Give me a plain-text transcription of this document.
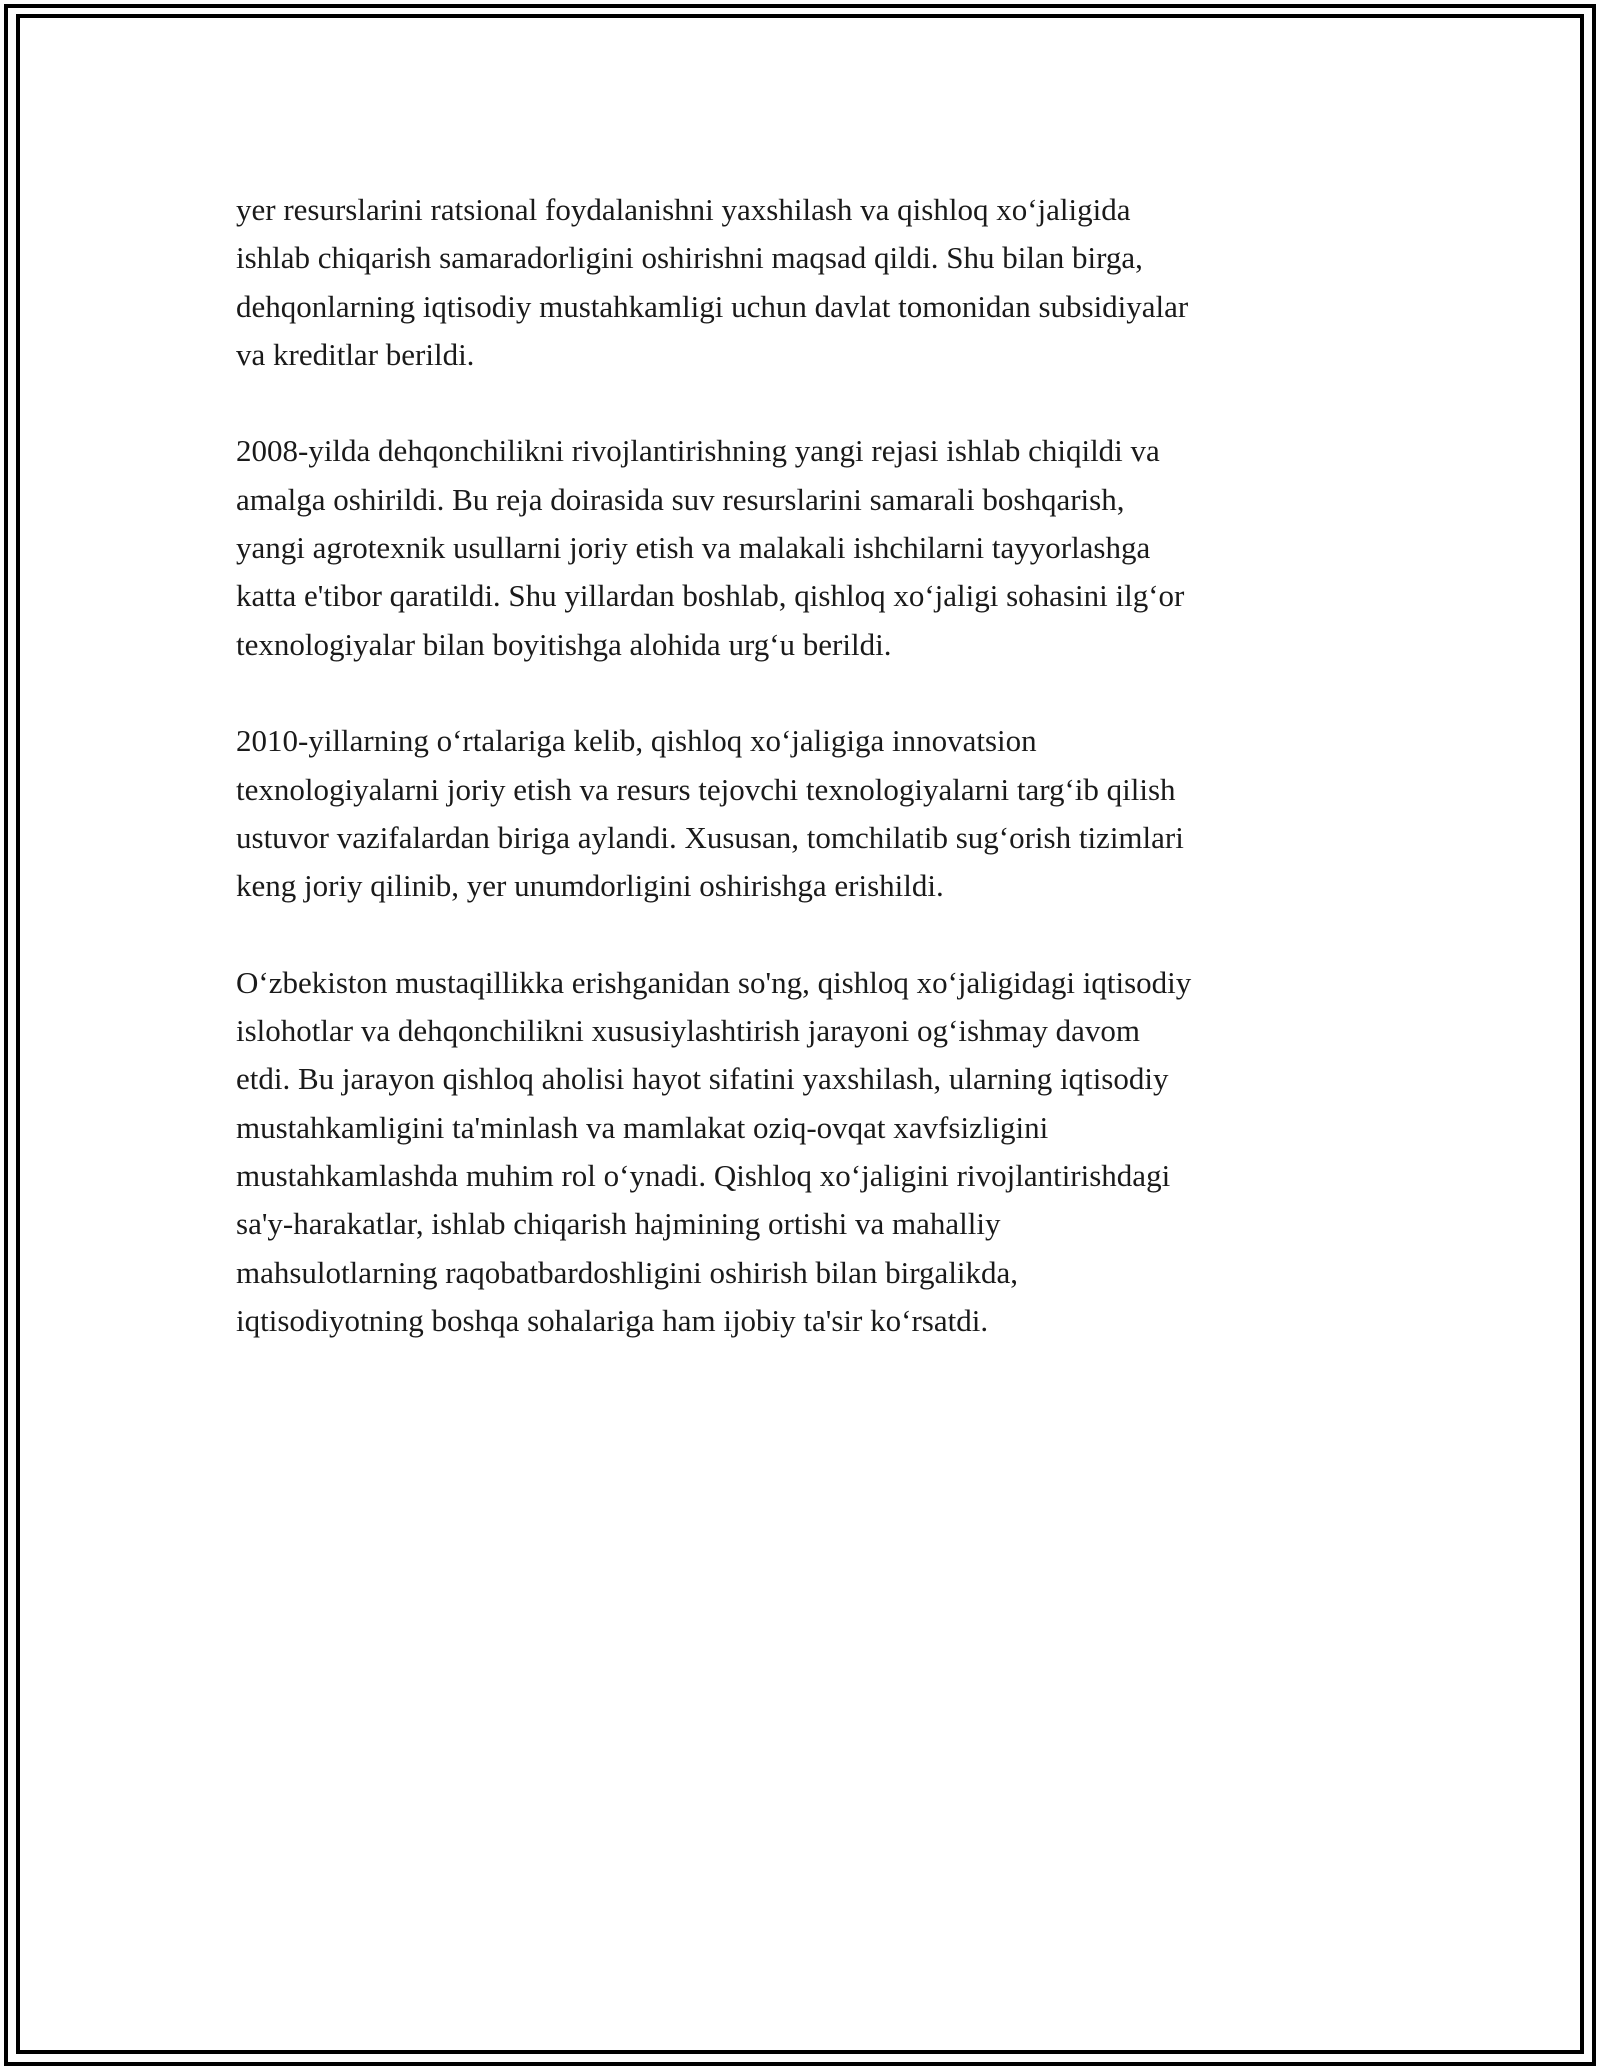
yer resurslarini ratsional foydalanishni yaxshilash va qishloq xo‘jaligida
ishlab chiqarish samaradorligini oshirishni maqsad qildi. Shu bilan birga,
dehqonlarning iqtisodiy mustahkamligi uchun davlat tomonidan subsidiyalar
va kreditlar berildi.

2008-yilda dehqonchilikni rivojlantirishning yangi rejasi ishlab chiqildi va
amalga oshirildi. Bu reja doirasida suv resurslarini samarali boshqarish,
yangi agrotexnik usullarni joriy etish va malakali ishchilarni tayyorlashga
katta e'tibor qaratildi. Shu yillardan boshlab, qishloq xo‘jaligi sohasini ilg‘or
texnologiyalar bilan boyitishga alohida urg‘u berildi.

2010-yillarning o‘rtalariga kelib, qishloq xo‘jaligiga innovatsion
texnologiyalarni joriy etish va resurs tejovchi texnologiyalarni targ‘ib qilish
ustuvor vazifalardan biriga aylandi. Xususan, tomchilatib sug‘orish tizimlari
keng joriy qilinib, yer unumdorligini oshirishga erishildi.

O‘zbekiston mustaqillikka erishganidan so'ng, qishloq xo‘jaligidagi iqtisodiy
islohotlar va dehqonchilikni xususiylashtirish jarayoni og‘ishmay davom
etdi. Bu jarayon qishloq aholisi hayot sifatini yaxshilash, ularning iqtisodiy
mustahkamligini ta'minlash va mamlakat oziq-ovqat xavfsizligini
mustahkamlashda muhim rol o‘ynadi. Qishloq xo‘jaligini rivojlantirishdagi
sa'y-harakatlar, ishlab chiqarish hajmining ortishi va mahalliy
mahsulotlarning raqobatbardoshligini oshirish bilan birgalikda,
iqtisodiyotning boshqa sohalariga ham ijobiy ta'sir ko‘rsatdi.
